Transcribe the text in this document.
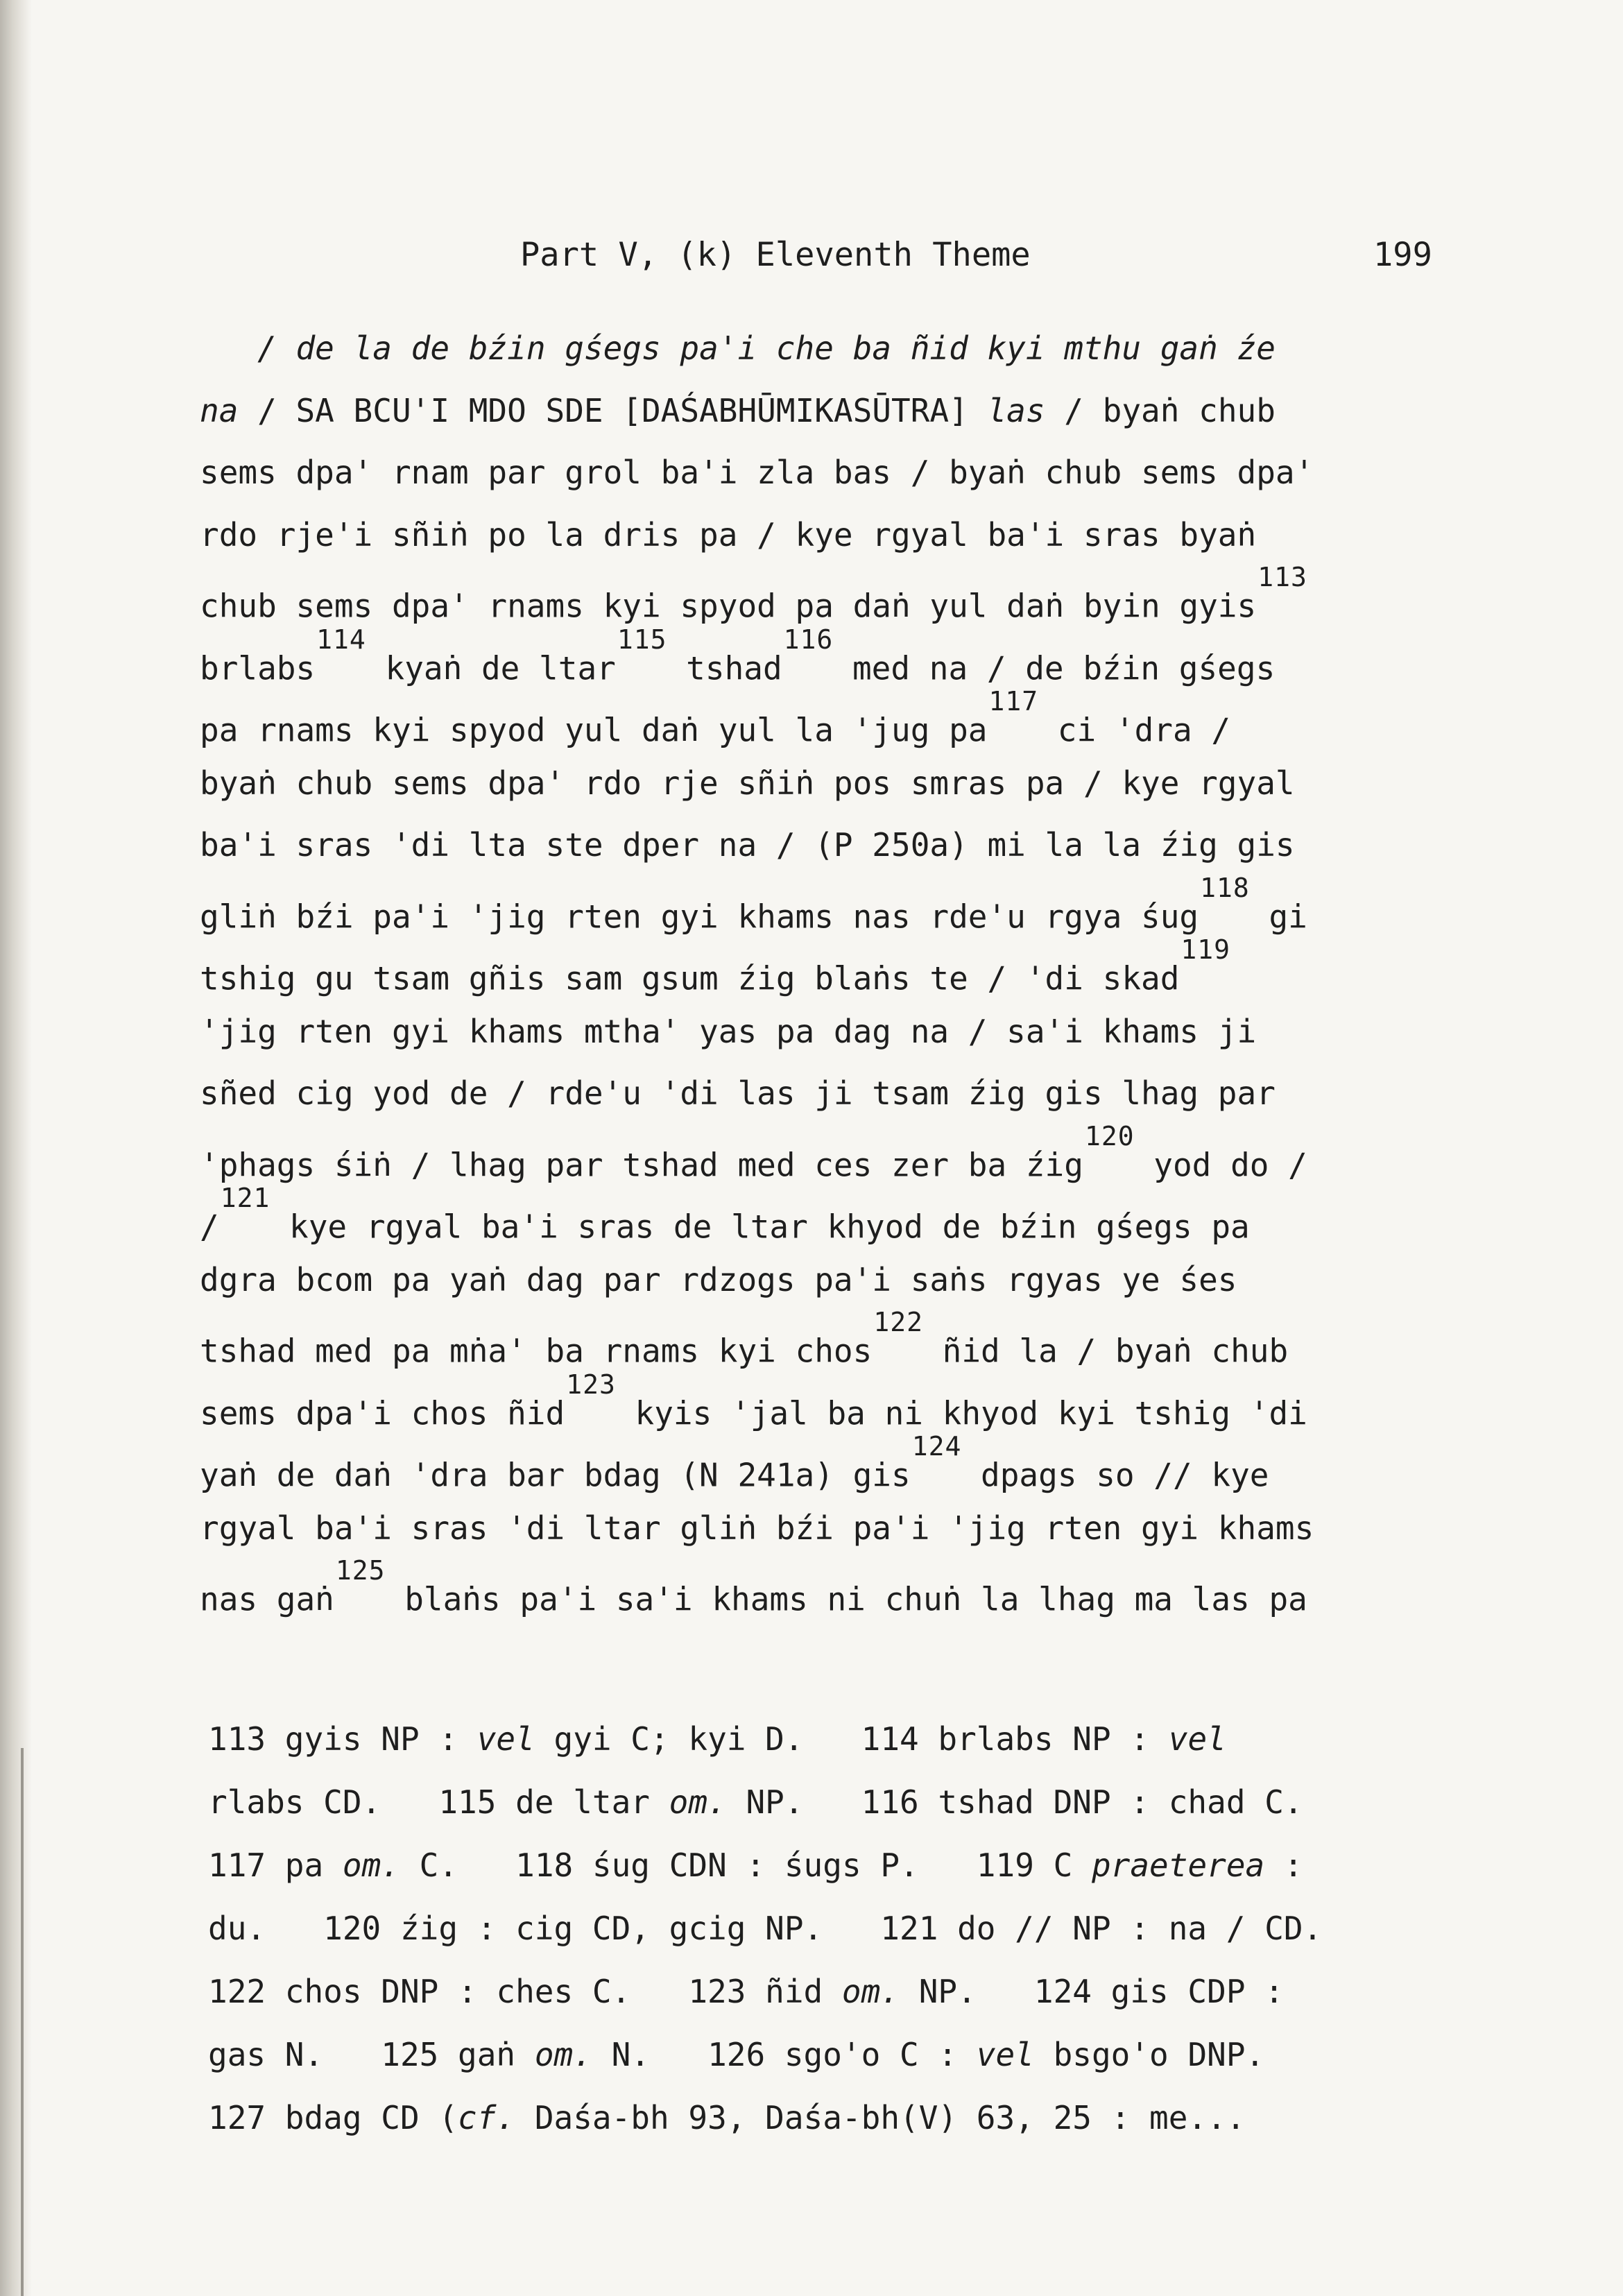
Part V, (k) Eleventh Theme	199
/ de la de bźin gśegs pa'i che ba ñid kyi mthu gaṅ źe
na / SA BCU'I MDO SDE [DAŚABHŪMIKASŪTRA] las / byaṅ chub
sems dpa' rnam par grol ba'i zla bas / byaṅ chub sems dpa'
rdo rje'i sñiṅ po la dris pa / kye rgyal ba'i sras byaṅ
chub sems dpa' rnams kyi spyod pa daṅ yul daṅ byin gyis$^{113}$
brlabs$^{114}$ kyaṅ de ltar$^{115}$ tshad$^{116}$ med na / de bźin gśegs
pa rnams kyi spyod yul daṅ yul la 'jug pa$^{117}$ ci 'dra /
byaṅ chub sems dpa' rdo rje sñiṅ pos smras pa / kye rgyal
ba'i sras 'di lta ste dper na / (P 250a) mi la la źig gis
gliṅ bźi pa'i 'jig rten gyi khams nas rde'u rgya śug$^{118}$ gi
tshig gu tsam gñis sam gsum źig blaṅs te / 'di skad$^{119}$
'jig rten gyi khams mtha' yas pa dag na / sa'i khams ji
sñed cig yod de / rde'u 'di las ji tsam źig gis lhag par
'phags śiṅ / lhag par tshad med ces zer ba źig$^{120}$ yod do /
/$^{121}$ kye rgyal ba'i sras de ltar khyod de bźin gśegs pa
dgra bcom pa yaṅ dag par rdzogs pa'i saṅs rgyas ye śes
tshad med pa mṅa' ba rnams kyi chos$^{122}$ ñid la / byaṅ chub
sems dpa'i chos ñid$^{123}$ kyis 'jal ba ni khyod kyi tshig 'di
yaṅ de daṅ 'dra bar bdag (N 241a) gis$^{124}$ dpags so // kye
rgyal ba'i sras 'di ltar gliṅ bźi pa'i 'jig rten gyi khams
nas gaṅ$^{125}$ blaṅs pa'i sa'i khams ni chuṅ la lhag ma las pa
113 gyis NP : vel gyi C; kyi D.   114 brlabs NP : vel
rlabs CD.   115 de ltar om. NP.   116 tshad DNP : chad C.
117 pa om. C.   118 śug CDN : śugs P.   119 C praeterea :
du.   120 źig : cig CD, gcig NP.   121 do // NP : na / CD.
122 chos DNP : ches C.   123 ñid om. NP.   124 gis CDP :
gas N.   125 gaṅ om. N.   126 sgo'o C : vel bsgo'o DNP.
127 bdag CD (cf. Daśa-bh 93, Daśa-bh(V) 63, 25 : me...
